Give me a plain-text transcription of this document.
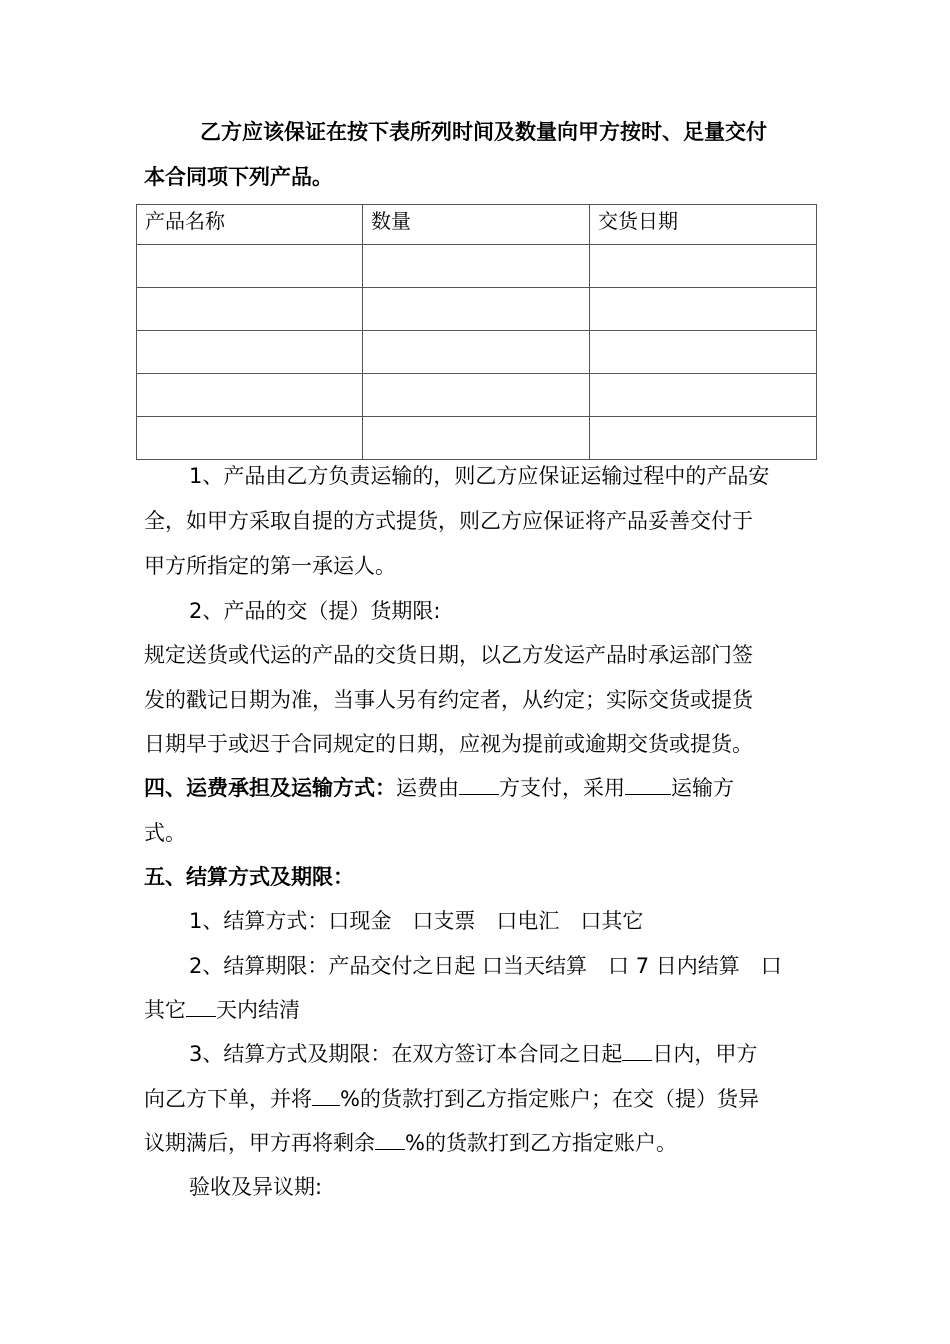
乙方应该保证在按下表所列时间及数量向甲方按时、足量交付
本合同项下列产品。
产品名称	数量	交货日期

1、产品由乙方负责运输的，则乙方应保证运输过程中的产品安
全，如甲方采取自提的方式提货，则乙方应保证将产品妥善交付于
甲方所指定的第一承运人。
2、产品的交（提）货期限:
规定送货或代运的产品的交货日期，以乙方发运产品时承运部门签
发的戳记日期为准，当事人另有约定者，从约定；实际交货或提货
日期早于或迟于合同规定的日期，应视为提前或逾期交货或提货。
四、运费承担及运输方式：运费由 方支付，采用 运输方
式。
五、结算方式及期限：
1、结算方式：口现金　口支票　口电汇　口其它
2、结算期限：产品交付之日起 口当天结算　口 7 日内结算　口
其它 天内结清
3、结算方式及期限：在双方签订本合同之日起 日内，甲方
向乙方下单，并将 %的货款打到乙方指定账户；在交（提）货异
议期满后，甲方再将剩余 %的货款打到乙方指定账户。
验收及异议期:
